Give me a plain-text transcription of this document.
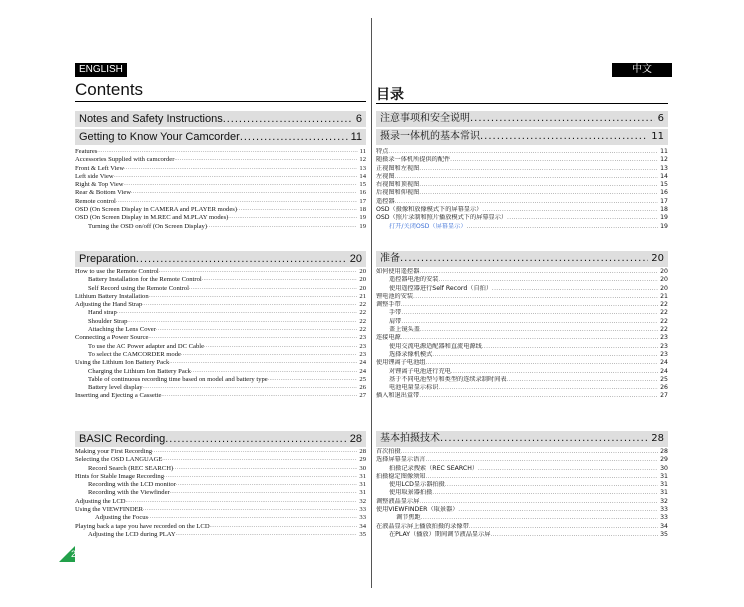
ENGLISH	中文
Contents	目录
Notes and Safety Instructions .....	6
Getting to Know Your Camcorder .....	11
Features .....	11
Accessories Supplied with camcorder .....	12
Front & Left View .....	13
Left side View .....	14
Right & Top View .....	15
Rear & Bottom View .....	16
Remote control .....	17
OSD (On Screen Display in CAMERA and PLAYER modes) .....	18
OSD (On Screen Display in M.REC and M.PLAY modes) .....	19
Turning the OSD on/off (On Screen Display) .....	19
Preparation .....	20
How to use the Remote Control .....	20
Battery Installation for the Remote Control .....	20
Self Record using the Remote Control .....	20
Lithium Battery Installation .....	21
Adjusting the Hand Strap .....	22
Hand strap .....	22
Shoulder Strap .....	22
Attaching the Lens Cover .....	22
Connecting a Power Source .....	23
To use the AC Power adapter and DC Cable .....	23
To select the CAMCORDER mode .....	23
Using the Lithium Ion Battery Pack .....	24
Charging the Lithium Ion Battery Pack .....	24
Table of continuous recording time based on model and battery type .....	25
Battery level display .....	26
Inserting and Ejecting a Cassette .....	27
BASIC Recording .....	28
Making your First Recording .....	28
Selecting the OSD LANGUAGE .....	29
Record Search (REC SEARCH) .....	30
Hints for Stable Image Recording .....	31
Recording with the LCD monitor .....	31
Recording with the Viewfinder .....	31
Adjusting the LCD .....	32
Using the VIEWFINDER .....	33
Adjusting the Focus .....	33
Playing back a tape you have recorded on the LCD .....	34
Adjusting the LCD during PLAY .....	35
注意事项和安全说明 .....	6
摄录一体机的基本常识 .....	11
特点 .....	11
随摄录一体机所提供的配件 .....	12
正视图和左视图 .....	13
左视图 .....	14
右视图和顶视图 .....	15
后视图和仰视图 .....	16
遥控器 .....	17
OSD（摄像和放像模式下的屏幕显示） .....	18
OSD（照片录制和照片播放模式下的屏幕显示） .....	19
打开/关闭OSD（屏幕显示） .....	19
准备 .....	20
如何使用遥控器 .....	20
遥控器电池的安装 .....	20
使用遥控器进行Self Record（自拍） .....	20
锂电池的安装 .....	21
调整手带 .....	22
手带 .....	22
肩带 .....	22
盖上镜头盖 .....	22
连接电源 .....	23
使用交流电源适配器和直流电源线 .....	23
选择录像机模式 .....	23
使用锂离子电池组 .....	24
对锂离子电池进行充电 .....	24
基于不同电池型号和类型的连续录制时间表 .....	25
电池电量显示标识 .....	26
插入和退出盒带 .....	27
基本拍摄技术 .....	28
首次拍摄 .....	28
选择屏幕显示语言 .....	29
拍摄记录搜索（REC SEARCH） .....	30
拍摄稳定图像须知 .....	31
使用LCD显示器拍摄 .....	31
使用取景器拍摄 .....	31
调整液晶显示屏 .....	32
使用VIEWFINDER（取景器） .....	33
调节焦距 .....	33
在液晶显示屏上播放拍摄的录像带 .....	34
在PLAY（播放）期间调节液晶显示屏 .....	35
2
